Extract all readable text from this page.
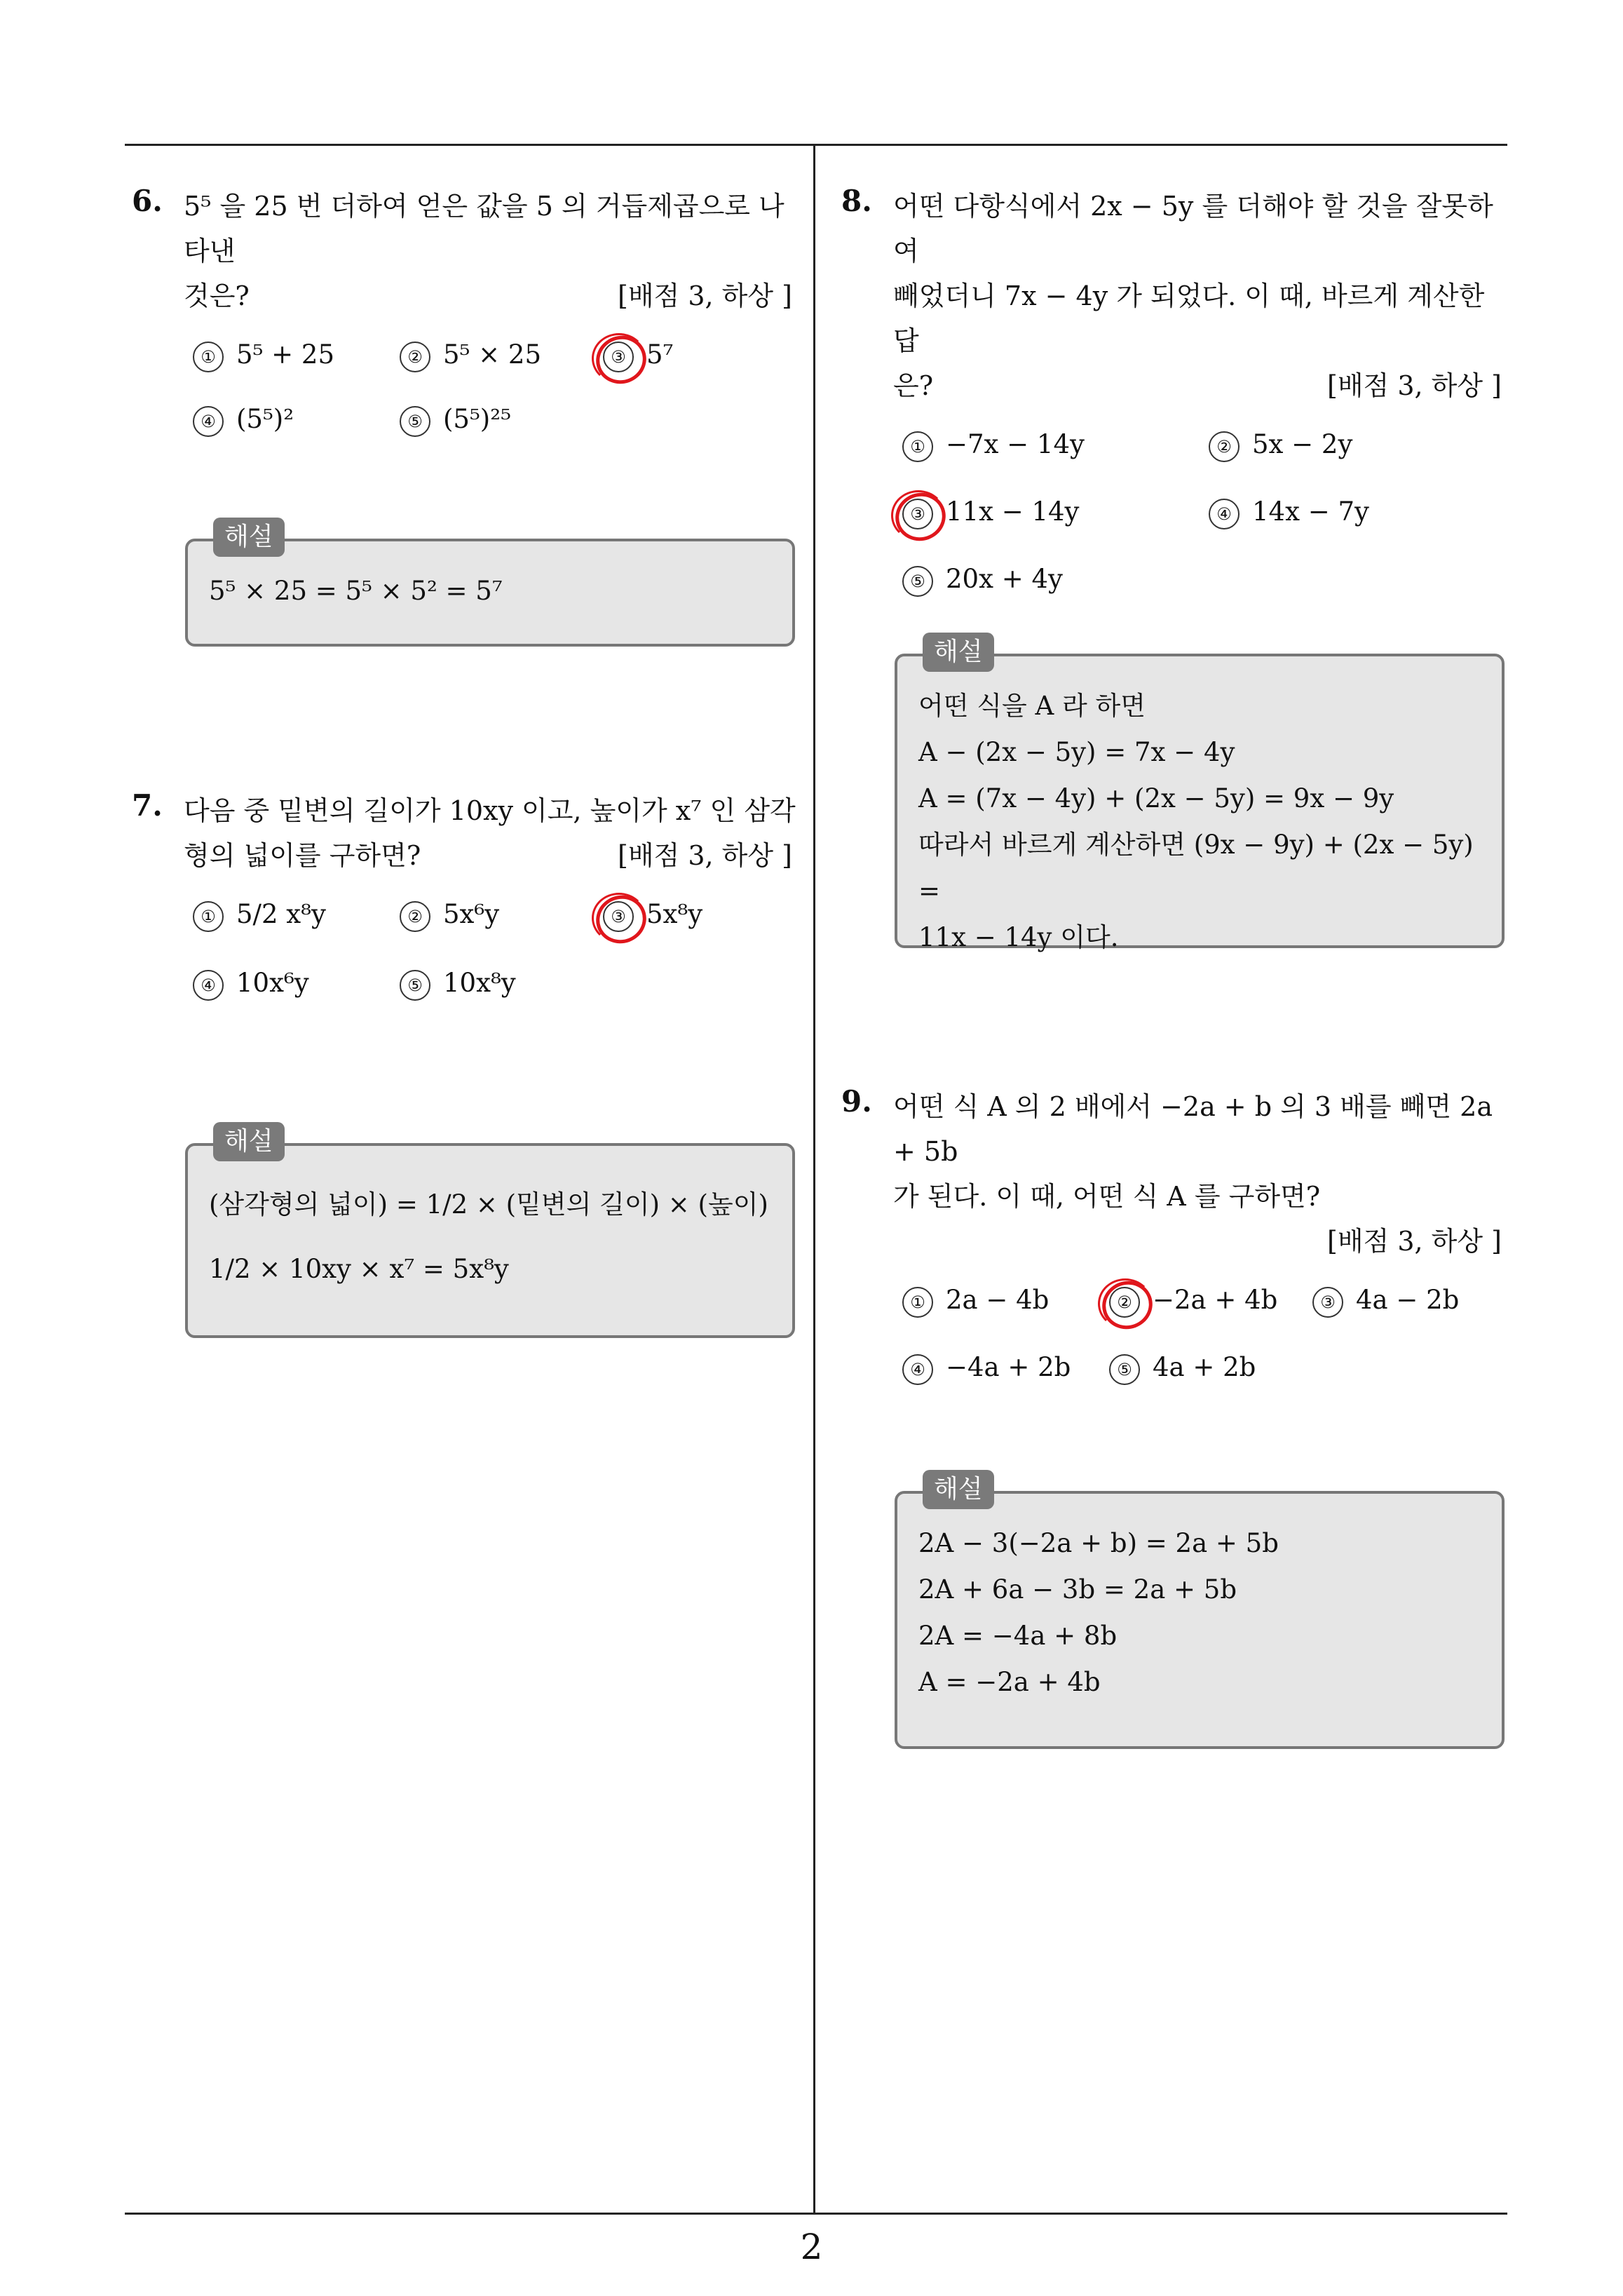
6. 5⁵ 을 25 번 더하여 얻은 값을 5 의 거듭제곱으로 나타낸
것은?	[배점 3, 하상 ]
① 5⁵ + 25	② 5⁵ × 25	③ 5⁷
④ (5⁵)²	⑤ (5⁵)²⁵
해설
5⁵ × 25 = 5⁵ × 5² = 5⁷
7. 다음 중 밑변의 길이가 10xy 이고, 높이가 x⁷ 인 삼각
형의 넓이를 구하면?	[배점 3, 하상 ]
① 5/2 x⁸y	② 5x⁶y	③ 5x⁸y
④ 10x⁶y	⑤ 10x⁸y
해설
(삼각형의 넓이) = 1/2 × (밑변의 길이) × (높이)
1/2 × 10xy × x⁷ = 5x⁸y
8. 어떤 다항식에서 2x − 5y 를 더해야 할 것을 잘못하여
빼었더니 7x − 4y 가 되었다. 이 때, 바르게 계산한 답
은?	[배점 3, 하상 ]
① −7x − 14y	② 5x − 2y
③ 11x − 14y	④ 14x − 7y
⑤ 20x + 4y
해설
어떤 식을 A 라 하면
A − (2x − 5y) = 7x − 4y
A = (7x − 4y) + (2x − 5y) = 9x − 9y
따라서 바르게 계산하면 (9x − 9y) + (2x − 5y) =
11x − 14y 이다.
9. 어떤 식 A 의 2 배에서 −2a + b 의 3 배를 빼면 2a + 5b
가 된다. 이 때, 어떤 식 A 를 구하면?
[배점 3, 하상 ]
① 2a − 4b	② −2a + 4b	③ 4a − 2b
④ −4a + 2b	⑤ 4a + 2b
해설
2A − 3(−2a + b) = 2a + 5b
2A + 6a − 3b = 2a + 5b
2A = −4a + 8b
A = −2a + 4b
2
